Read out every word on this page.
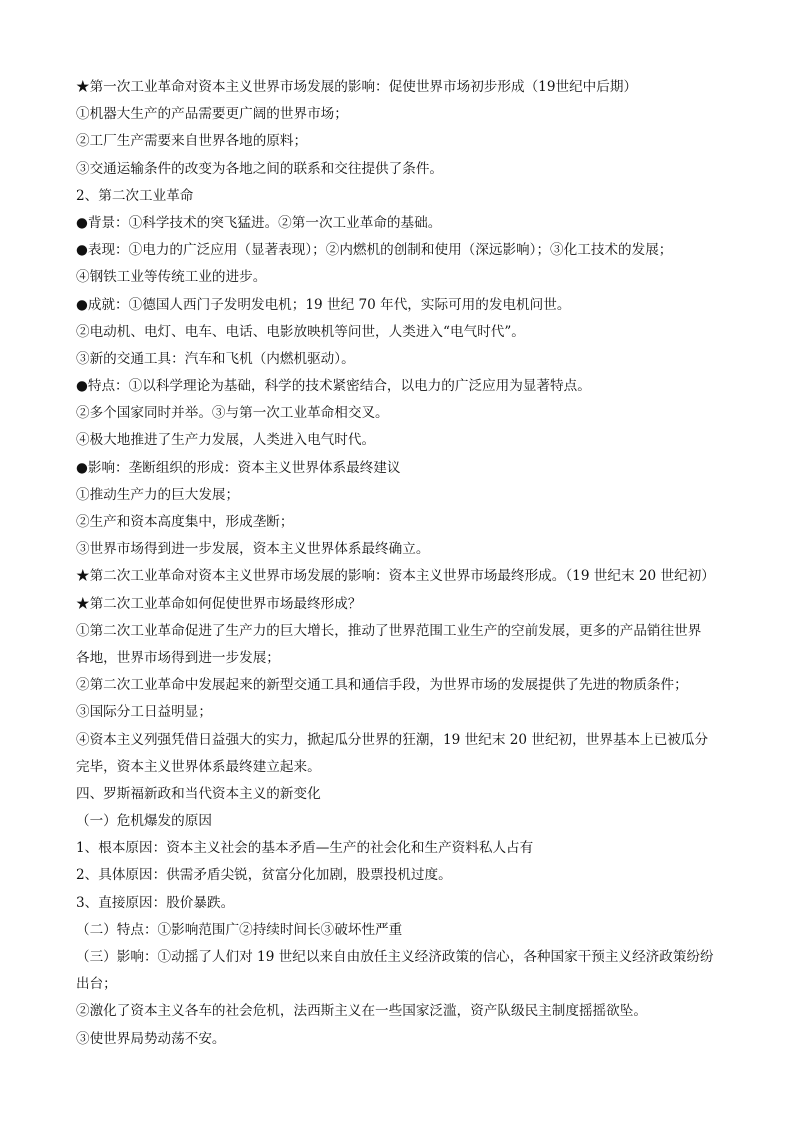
★第一次工业革命对资本主义世界市场发展的影响：促使世界市场初步形成（19世纪中后期）
①机器大生产的产品需要更广阔的世界市场；
②工厂生产需要来自世界各地的原料；
③交通运输条件的改变为各地之间的联系和交往提供了条件。
2、第二次工业革命
●背景：①科学技术的突飞猛进。②第一次工业革命的基础。
●表现：①电力的广泛应用（显著表现）；②内燃机的创制和使用（深远影响）；③化工技术的发展；
④钢铁工业等传统工业的进步。
●成就：①德国人西门子发明发电机；19 世纪 70 年代，实际可用的发电机问世。
②电动机、电灯、电车、电话、电影放映机等问世，人类进入“电气时代”。
③新的交通工具：汽车和飞机（内燃机驱动）。
●特点：①以科学理论为基础，科学的技术紧密结合，以电力的广泛应用为显著特点。
②多个国家同时并举。③与第一次工业革命相交叉。
④极大地推进了生产力发展，人类进入电气时代。
●影响：垄断组织的形成：资本主义世界体系最终建议
①推动生产力的巨大发展；
②生产和资本高度集中，形成垄断；
③世界市场得到进一步发展，资本主义世界体系最终确立。
★第二次工业革命对资本主义世界市场发展的影响：资本主义世界市场最终形成。（19 世纪末 20 世纪初）
★第二次工业革命如何促使世界市场最终形成？
①第二次工业革命促进了生产力的巨大增长，推动了世界范围工业生产的空前发展，更多的产品销往世界
各地，世界市场得到进一步发展；
②第二次工业革命中发展起来的新型交通工具和通信手段，为世界市场的发展提供了先进的物质条件；
③国际分工日益明显；
④资本主义列强凭借日益强大的实力，掀起瓜分世界的狂潮，19 世纪末 20 世纪初，世界基本上已被瓜分
完毕，资本主义世界体系最终建立起来。
四、罗斯福新政和当代资本主义的新变化
（一）危机爆发的原因
1、根本原因：资本主义社会的基本矛盾—生产的社会化和生产资料私人占有
2、具体原因：供需矛盾尖锐，贫富分化加剧，股票投机过度。
3、直接原因：股价暴跌。
（二）特点：①影响范围广②持续时间长③破坏性严重
（三）影响：①动摇了人们对 19 世纪以来自由放任主义经济政策的信心，各种国家干预主义经济政策纷纷
出台；
②激化了资本主义各车的社会危机，法西斯主义在一些国家泛滥，资产队级民主制度摇摇欲坠。
③使世界局势动荡不安。
